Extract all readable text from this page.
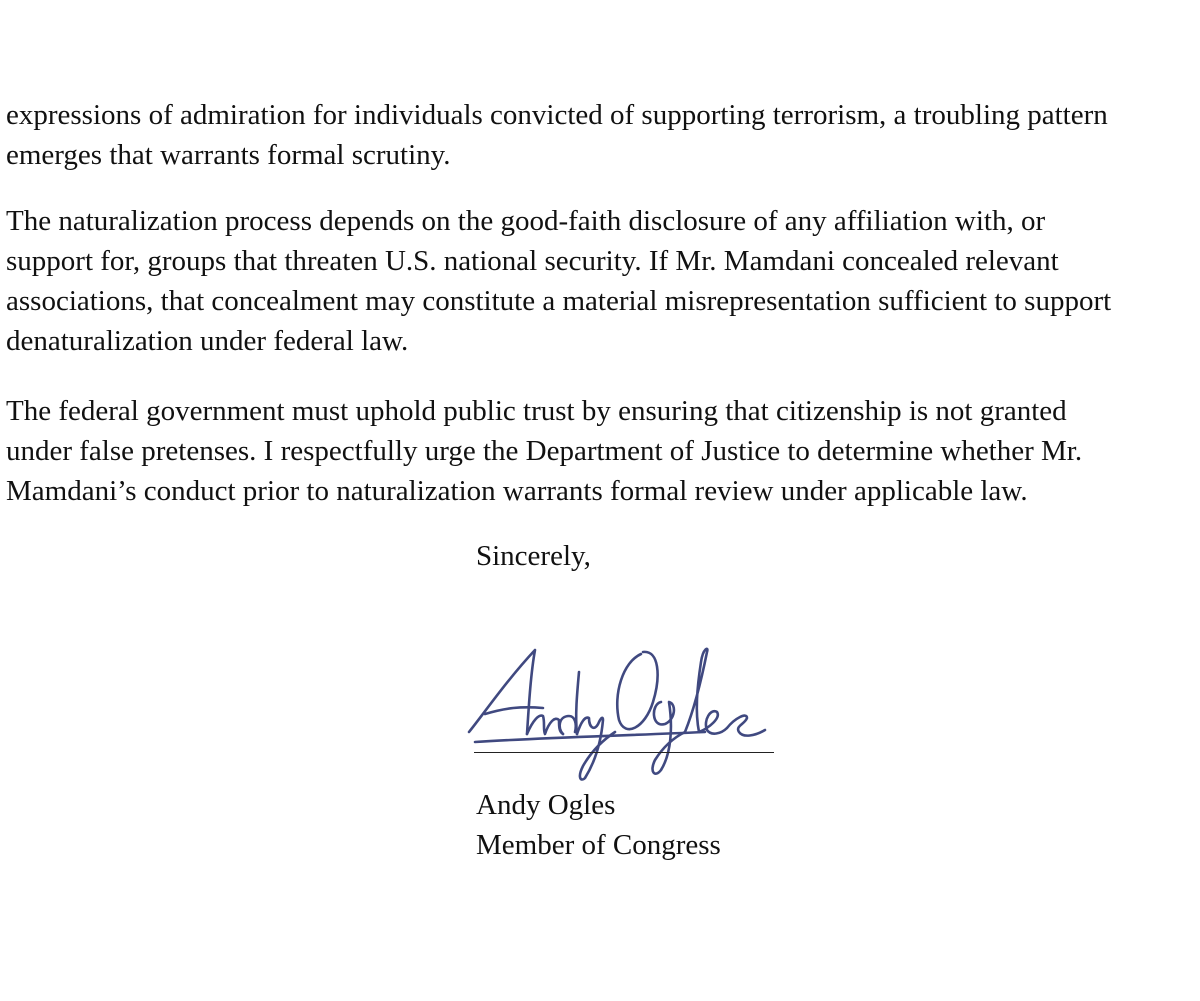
expressions of admiration for individuals convicted of supporting terrorism, a troubling pattern
emerges that warrants formal scrutiny.

The naturalization process depends on the good-faith disclosure of any affiliation with, or
support for, groups that threaten U.S. national security. If Mr. Mamdani concealed relevant
associations, that concealment may constitute a material misrepresentation sufficient to support
denaturalization under federal law.

The federal government must uphold public trust by ensuring that citizenship is not granted
under false pretenses. I respectfully urge the Department of Justice to determine whether Mr.
Mamdani’s conduct prior to naturalization warrants formal review under applicable law.

Sincerely,

Andy Ogles
Member of Congress
